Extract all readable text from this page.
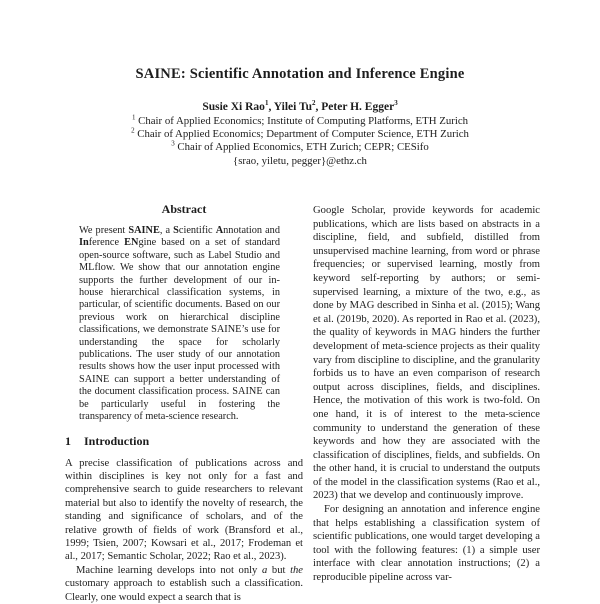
SAINE: Scientific Annotation and Inference Engine
Susie Xi Rao$^1$, Yilei Tu$^2$, Peter H. Egger$^3$
$^1$ Chair of Applied Economics; Institute of Computing Platforms, ETH Zurich
$^2$ Chair of Applied Economics; Department of Computer Science, ETH Zurich
$^3$ Chair of Applied Economics, ETH Zurich; CEPR; CESifo
{srao, yiletu, pegger}@ethz.ch
Abstract

We present SAINE, a Scientific Annotation and Inference ENgine based on a set of standard open-source software, such as Label Studio and MLflow. We show that our annotation engine supports the further development of our in-house hierarchical classification systems, in particular, of scientific documents. Based on our previous work on hierarchical discipline classifications, we demonstrate SAINE’s use for understanding the space for scholarly publications. The user study of our annotation results shows how the user input processed with SAINE can support a better understanding of the document classification process. SAINE can be particularly useful in fostering the transparency of meta-science research.

1 Introduction

A precise classification of publications across and within disciplines is key not only for a fast and comprehensive search to guide researchers to relevant material but also to identify the novelty of research, the standing and significance of scholars, and of the relative growth of fields of work (Bransford et al., 1999; Tsien, 2007; Kowsari et al., 2017; Frodeman et al., 2017; Semantic Scholar, 2022; Rao et al., 2023).

Machine learning develops into not only a but the customary approach to establish such a classification. Clearly, one would expect a search that is

Google Scholar, provide keywords for academic publications, which are lists based on abstracts in a discipline, field, and subfield, distilled from unsupervised machine learning, from word or phrase frequencies; or supervised learning, mostly from keyword self-reporting by authors; or semi-supervised learning, a mixture of the two, e.g., as done by MAG described in Sinha et al. (2015); Wang et al. (2019b, 2020). As reported in Rao et al. (2023), the quality of keywords in MAG hinders the further development of meta-science projects as their quality vary from discipline to discipline, and the granularity forbids us to have an even comparison of research output across disciplines, fields, and disciplines. Hence, the motivation of this work is two-fold. On one hand, it is of interest to the meta-science community to understand the generation of these keywords and how they are associated with the classification of disciplines, fields, and subfields. On the other hand, it is crucial to understand the outputs of the model in the classification systems (Rao et al., 2023) that we develop and continuously improve.

For designing an annotation and inference engine that helps establishing a classification system of scientific publications, one would target developing a tool with the following features: (1) a simple user interface with clear annotation instructions; (2) a reproducible pipeline across var-
